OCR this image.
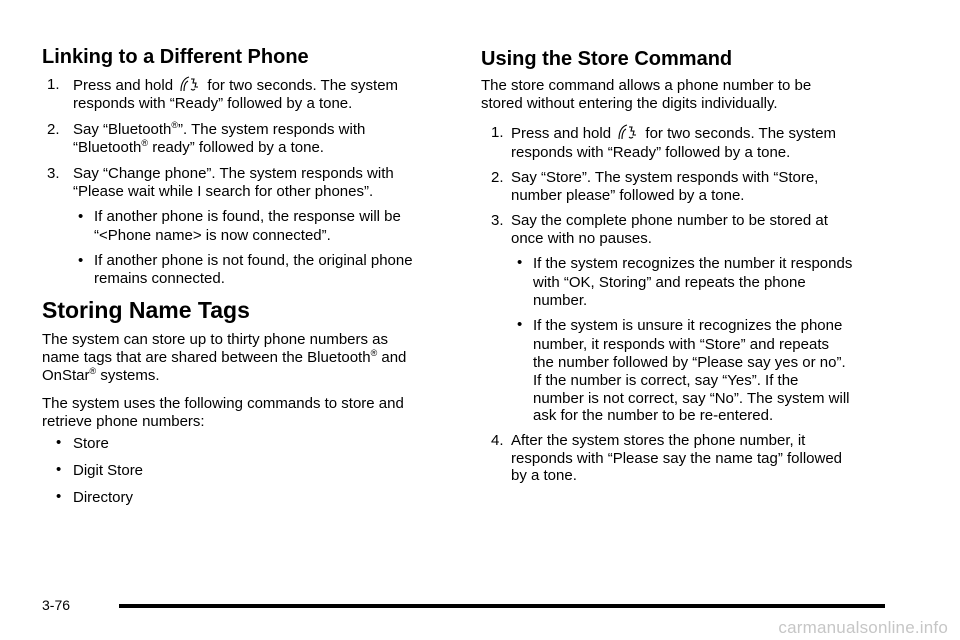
Linking to a Different Phone
1. Press and hold for two seconds. The system
responds with “Ready” followed by a tone.
2. Say “Bluetooth®”. The system responds with
“Bluetooth® ready” followed by a tone.
3. Say “Change phone”. The system responds with
“Please wait while I search for other phones”.
• If another phone is found, the response will be
“<Phone name> is now connected”.
• If another phone is not found, the original phone
remains connected.
Storing Name Tags
The system can store up to thirty phone numbers as
name tags that are shared between the Bluetooth® and
OnStar® systems.
The system uses the following commands to store and
retrieve phone numbers:
• Store
• Digit Store
• Directory
Using the Store Command
The store command allows a phone number to be
stored without entering the digits individually.
1. Press and hold for two seconds. The system
responds with “Ready” followed by a tone.
2. Say “Store”. The system responds with “Store,
number please” followed by a tone.
3. Say the complete phone number to be stored at
once with no pauses.
• If the system recognizes the number it responds
with “OK, Storing” and repeats the phone
number.
• If the system is unsure it recognizes the phone
number, it responds with “Store” and repeats
the number followed by “Please say yes or no”.
If the number is correct, say “Yes”. If the
number is not correct, say “No”. The system will
ask for the number to be re-entered.
4. After the system stores the phone number, it
responds with “Please say the name tag” followed
by a tone.
3-76
carmanualsonline.info
